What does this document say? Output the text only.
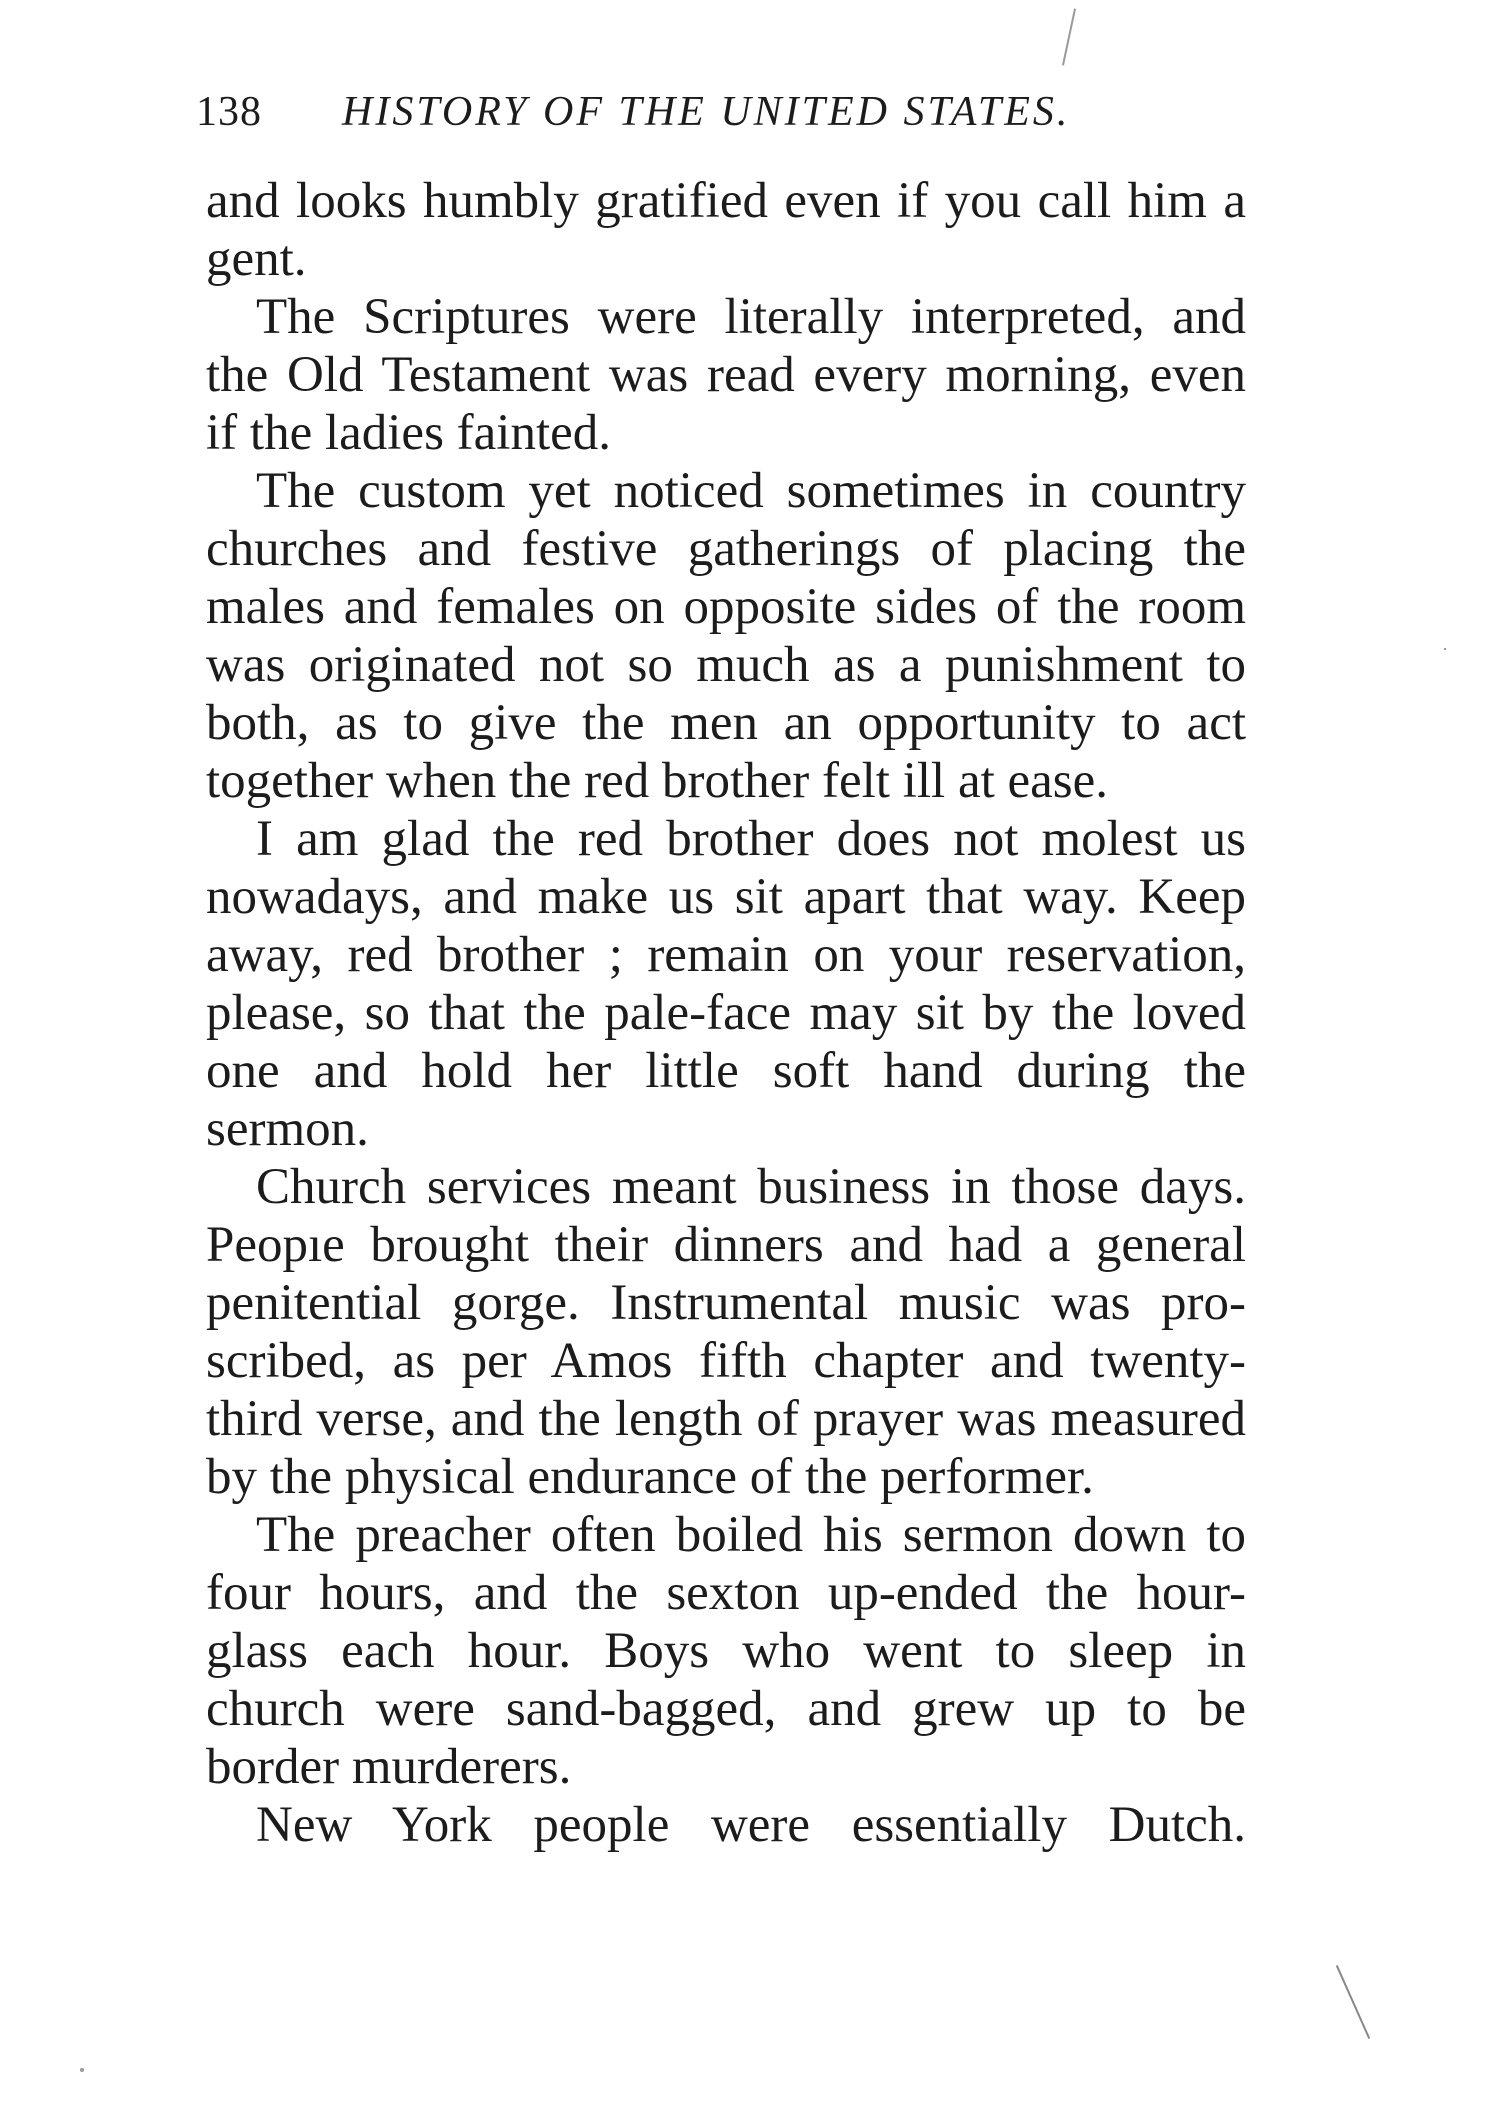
138 HISTORY OF THE UNITED STATES.
and looks humbly gratified even if you call him a
gent.
The Scriptures were literally interpreted, and
the Old Testament was read every morning, even
if the ladies fainted.
The custom yet noticed sometimes in country
churches and festive gatherings of placing the
males and females on opposite sides of the room
was originated not so much as a punishment to
both, as to give the men an opportunity to act
together when the red brother felt ill at ease.
I am glad the red brother does not molest us
nowadays, and make us sit apart that way. Keep
away, red brother ; remain on your reservation,
please, so that the pale-face may sit by the loved
one and hold her little soft hand during the
sermon.
Church services meant business in those days.
Peopıe brought their dinners and had a general
penitential gorge. Instrumental music was pro-
scribed, as per Amos fifth chapter and twenty-
third verse, and the length of prayer was measured
by the physical endurance of the performer.
The preacher often boiled his sermon down to
four hours, and the sexton up-ended the hour-
glass each hour. Boys who went to sleep in
church were sand-bagged, and grew up to be
border murderers.
New York people were essentially Dutch.
